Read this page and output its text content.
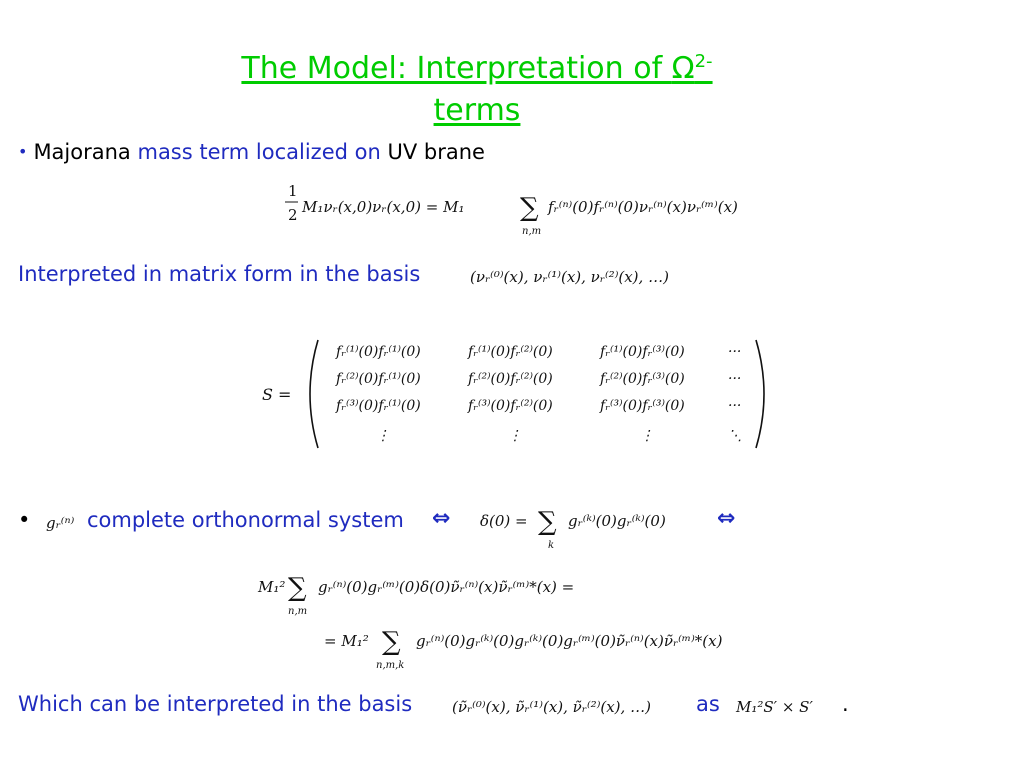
The Model: Interpretation of Ω$^{2-}$
terms
• Majorana mass term localized on UV brane
1
2 M₁νᵣ(x,0)νᵣ(x,0) = M₁ ∑
n,m
fᵣ⁽ⁿ⁾(0)fᵣ⁽ⁿ⁾(0)νᵣ⁽ⁿ⁾(x)νᵣ⁽ᵐ⁾(x)
Interpreted in matrix form in the basis	(νᵣ⁽⁰⁾(x), νᵣ⁽¹⁾(x), νᵣ⁽²⁾(x), …)
S =
fᵣ⁽¹⁾(0)fᵣ⁽¹⁾(0)	fᵣ⁽¹⁾(0)fᵣ⁽²⁾(0)	fᵣ⁽¹⁾(0)fᵣ⁽³⁾(0)	···
fᵣ⁽²⁾(0)fᵣ⁽¹⁾(0)	fᵣ⁽²⁾(0)fᵣ⁽²⁾(0)	fᵣ⁽²⁾(0)fᵣ⁽³⁾(0)	···
fᵣ⁽³⁾(0)fᵣ⁽¹⁾(0)	fᵣ⁽³⁾(0)fᵣ⁽²⁾(0)	fᵣ⁽³⁾(0)fᵣ⁽³⁾(0)	···
⋮	⋮	⋮	⋱
• gᵣ⁽ⁿ⁾ complete orthonormal system ⇔ δ(0) = ∑
k
gᵣ⁽ᵏ⁾(0)gᵣ⁽ᵏ⁾(0) ⇔
M₁² ∑
n,m
gᵣ⁽ⁿ⁾(0)gᵣ⁽ᵐ⁾(0)δ(0)ν̃ᵣ⁽ⁿ⁾(x)ν̃ᵣ⁽ᵐ⁾*(x) =
= M₁² ∑
n,m,k
gᵣ⁽ⁿ⁾(0)gᵣ⁽ᵏ⁾(0)gᵣ⁽ᵏ⁾(0)gᵣ⁽ᵐ⁾(0)ν̃ᵣ⁽ⁿ⁾(x)ν̃ᵣ⁽ᵐ⁾*(x)
Which can be interpreted in the basis	(ν̃ᵣ⁽⁰⁾(x), ν̃ᵣ⁽¹⁾(x), ν̃ᵣ⁽²⁾(x), …) as M₁²S′ × S′ .
